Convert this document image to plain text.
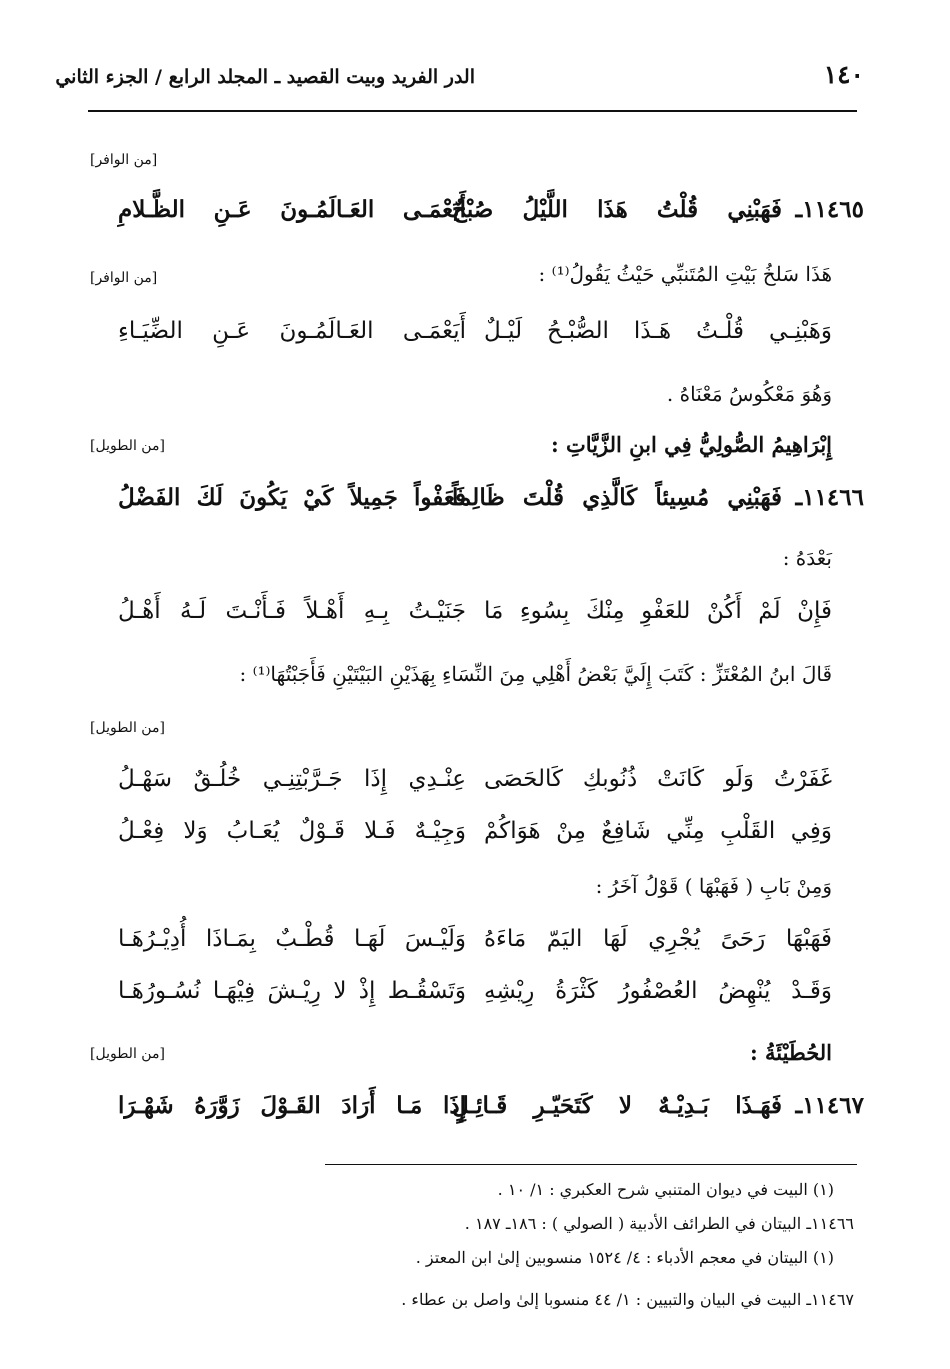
١٤٠
الدر الفريد وبيت القصيد ـ المجلد الرابع / الجزء الثاني
[من الوافر]
١١٤٦٥ـ
فَهَبْنِي قُلْتُ هَذَا اللَّيْلُ صُبْحٌ
أَيَعْمَـى العَـالَمُـونَ عَـنِ الظَّـلامِ
هَذَا سَلخُ بَيْتِ المُتَنبِّي حَيْثُ يَقُولُ⁽¹⁾ :
[من الوافر]
وَهَبْنِـي قُلْـتُ هَـذَا الصُّبْـحُ لَيْـلٌ
أَيَعْمَـى العَـالَمُـونَ عَـنِ الضِّيَـاءِ
وَهُوَ مَعْكُوسُ مَعْنَاهُ .
إِبْرَاهِيمُ الصُّولِيُّ فِي ابنِ الزَّيَّاتِ :
[من الطويل]
١١٤٦٦ـ
فَهَبْنِي مُسِيئاً كَالَّذِي قُلْتَ ظَالِماً
فَعَفْواً جَمِيلاً كَيْ يَكُونَ لَكَ الفَضْلُ
بَعْدَهُ :
فَإِنْ لَمْ أَكُنْ للعَفْوِ مِنْكَ بِسُوءِ مَا
جَنَيْـتُ بِـهِ أَهْـلاً فَـأَنْـتَ لَـهُ أَهْـلُ
قَالَ ابنُ المُعْتَزِّ : كَتَبَ إِلَيَّ بَعْضُ أَهْلِي مِنَ النِّسَاءِ بِهَذَيْنِ البَيْتَيْنِ فَأَجَبْتُهَا⁽¹⁾ :
[من الطويل]
غَفَرْتُ وَلَو كَانَتْ ذُنُوبكِ كَالحَصَى
عِنْـدِي إِذَا جَـرَّبْتِنِـي خُلُـقٌ سَهْـلُ
وَفِي القَلْبِ مِنِّي شَافِعٌ مِنْ هَوَاكُمْ
وَجِيْـهٌ فَـلا قَـوْلٌ يُعَـابُ وَلا فِعْـلُ
وَمِنْ بَابِ ( فَهَبْهَا ) قَوْلُ آخَرُ :
فَهَبْهَا رَحَىً يُجْرِي لَهَا اليَمّ مَاءَهُ
وَلَيْـسَ لَهَـا قُطْـبٌ بِمَـاذَا أُدِيْـرُهَـا
وَقَـدْ يُنْهِضُ العُصْفُورُ كَثْرَةُ رِيْشِهِ
وَتَسْقُـط إِذْ لا رِيْـشَ فِيْهَـا نُسُـورُهَـا
الحُطَيْئَةُ :
[من الطويل]
١١٤٦٧ـ
فَهَـذَا بَـدِيْـهٌ لا كَتَحَيّـرِ قَـائِـلٍ
إِذَا مَـا أَرَادَ القَـوْلَ زَوَّرَهُ شَهْـرَا
(١) البيت في ديوان المتنبي شرح العكبري : ١/ ١٠ .
١١٤٦٦ـ البيتان في الطرائف الأدبية ( الصولي ) : ١٨٦ـ ١٨٧ .
(١) البيتان في معجم الأدباء : ٤/ ١٥٢٤ منسوبين إلىٰ ابن المعتز .
١١٤٦٧ـ البيت في البيان والتبيين : ١/ ٤٤ منسوبا إلىٰ واصل بن عطاء .
